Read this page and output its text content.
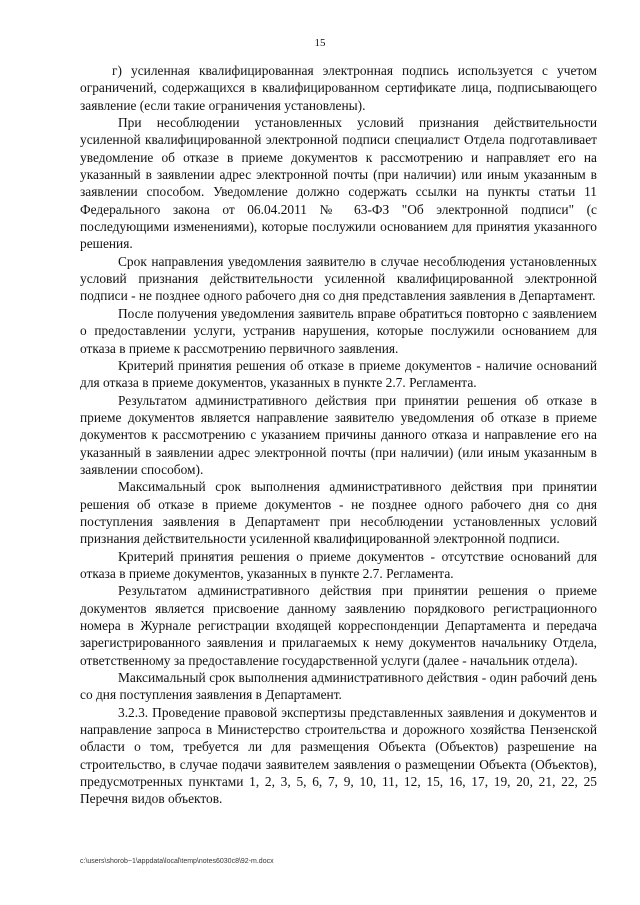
15

г) усиленная квалифицированная электронная подпись используется с учетом ограничений, содержащихся в квалифицированном сертификате лица, подписывающего заявление (если такие ограничения установлены).

При несоблюдении установленных условий признания действительности усиленной квалифицированной электронной подписи специалист Отдела подготавливает уведомление об отказе в приеме документов к рассмотрению и направляет его на указанный в заявлении адрес электронной почты (при наличии) или иным указанным в заявлении способом. Уведомление должно содержать ссылки на пункты статьи 11 Федерального закона от 06.04.2011 № 63-ФЗ "Об электронной подписи" (с последующими изменениями), которые послужили основанием для принятия указанного решения.

Срок направления уведомления заявителю в случае несоблюдения установленных условий признания действительности усиленной квалифицированной электронной подписи - не позднее одного рабочего дня со дня представления заявления в Департамент.

После получения уведомления заявитель вправе обратиться повторно с заявлением о предоставлении услуги, устранив нарушения, которые послужили основанием для отказа в приеме к рассмотрению первичного заявления.

Критерий принятия решения об отказе в приеме документов - наличие оснований для отказа в приеме документов, указанных в пункте 2.7. Регламента.

Результатом административного действия при принятии решения об отказе в приеме документов является направление заявителю уведомления об отказе в приеме документов к рассмотрению с указанием причины данного отказа и направление его на указанный в заявлении адрес электронной почты (при наличии) (или иным указанным в заявлении способом).

Максимальный срок выполнения административного действия при принятии решения об отказе в приеме документов - не позднее одного рабочего дня со дня поступления заявления в Департамент при несоблюдении установленных условий признания действительности усиленной квалифицированной электронной подписи.

Критерий принятия решения о приеме документов - отсутствие оснований для отказа в приеме документов, указанных в пункте 2.7. Регламента.

Результатом административного действия при принятии решения о приеме документов является присвоение данному заявлению порядкового регистрационного номера в Журнале регистрации входящей корреспонденции Департамента и передача зарегистрированного заявления и прилагаемых к нему документов начальнику Отдела, ответственному за предоставление государственной услуги (далее - начальник отдела).

Максимальный срок выполнения административного действия - один рабочий день со дня поступления заявления в Департамент.

3.2.3. Проведение правовой экспертизы представленных заявления и документов и направление запроса в Министерство строительства и дорожного хозяйства Пензенской области о том, требуется ли для размещения Объекта (Объектов) разрешение на строительство, в случае подачи заявителем заявления о размещении Объекта (Объектов), предусмотренных пунктами 1, 2, 3, 5, 6, 7, 9, 10, 11, 12, 15, 16, 17, 19, 20, 21, 22, 25 Перечня видов объектов.

c:\users\shorob~1\appdata\local\temp\notes6030c8\92-m.docx
